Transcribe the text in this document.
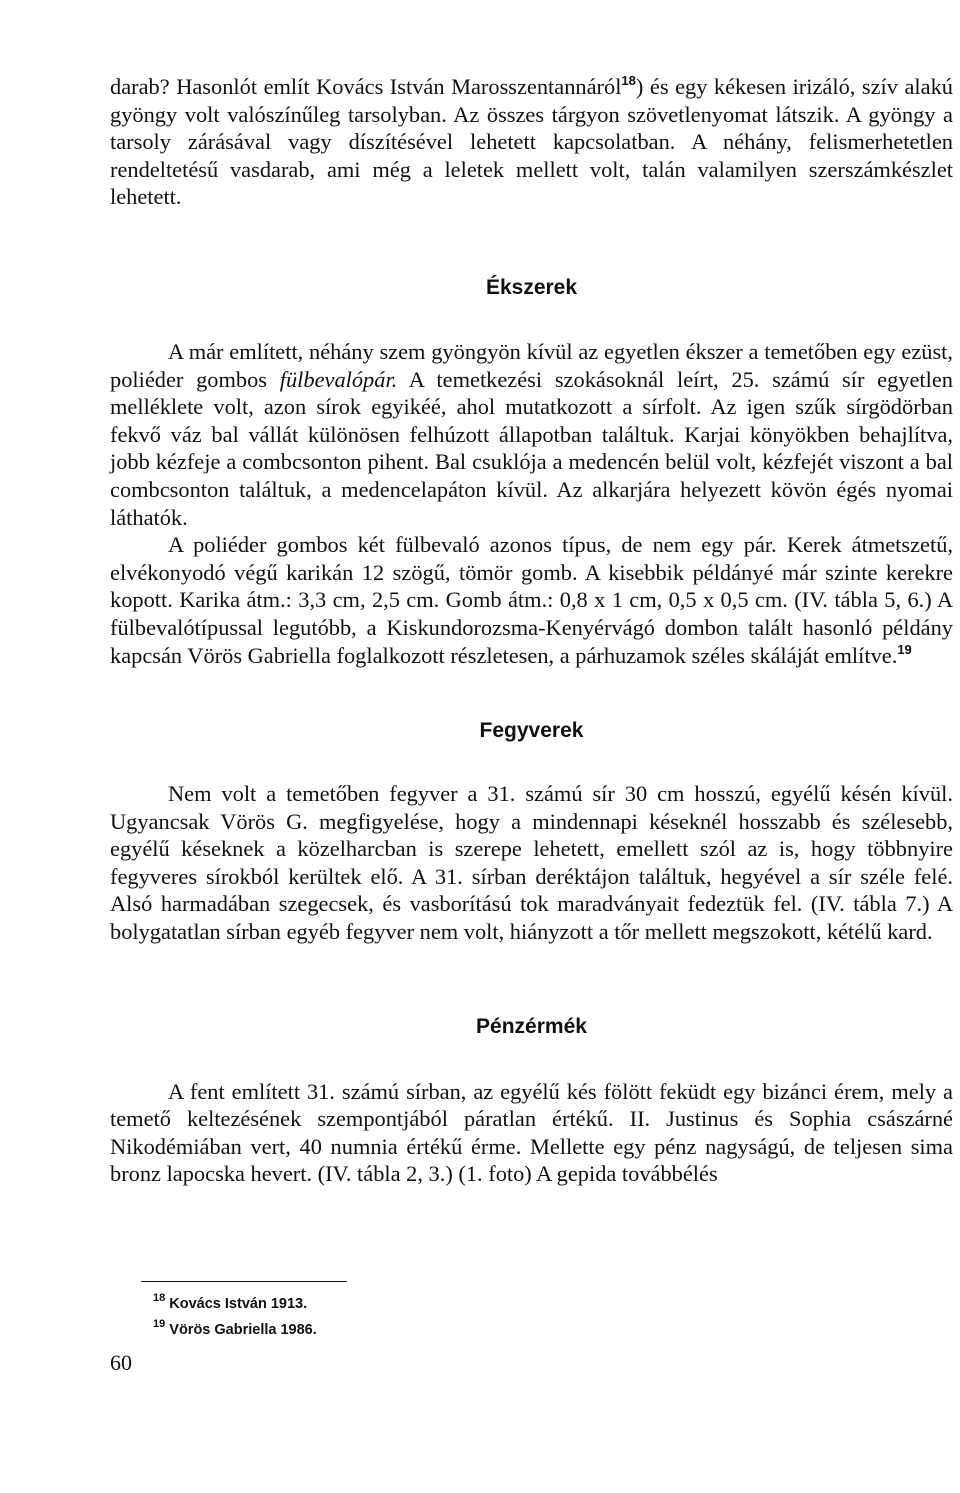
darab? Hasonlót említ Kovács István Marosszentannáról$^{18}$) és egy kékesen irizáló, szív alakú gyöngy volt valószínűleg tarsolyban. Az összes tárgyon szövetlenyomat látszik. A gyöngy a tarsoly zárásával vagy díszítésével lehetett kapcsolatban. A néhány, felismerhetetlen rendeltetésű vasdarab, ami még a leletek mellett volt, talán valamilyen szerszámkészlet lehetett.

Ékszerek

A már említett, néhány szem gyöngyön kívül az egyetlen ékszer a temetőben egy ezüst, poliéder gombos fülbevalópár. A temetkezési szokásoknál leírt, 25. számú sír egyetlen melléklete volt, azon sírok egyikéé, ahol mutatkozott a sírfolt. Az igen szűk sírgödörban fekvő váz bal vállát különösen felhúzott állapotban találtuk. Karjai könyökben behajlítva, jobb kézfeje a combcsonton pihent. Bal csuklója a medencén belül volt, kézfejét viszont a bal combcsonton találtuk, a medencelapáton kívül. Az alkarjára helyezett kövön égés nyomai láthatók.

A poliéder gombos két fülbevaló azonos típus, de nem egy pár. Kerek átmetszetű, elvékonyodó végű karikán 12 szögű, tömör gomb. A kisebbik példányé már szinte kerekre kopott. Karika átm.: 3,3 cm, 2,5 cm. Gomb átm.: 0,8 x 1 cm, 0,5 x 0,5 cm. (IV. tábla 5, 6.) A fülbevalótípussal legutóbb, a Kiskundorozsma-Kenyérvágó dombon talált hasonló példány kapcsán Vörös Gabriella foglalkozott részletesen, a párhuzamok széles skáláját említve.$^{19}$

Fegyverek

Nem volt a temetőben fegyver a 31. számú sír 30 cm hosszú, egyélű késén kívül. Ugyancsak Vörös G. megfigyelése, hogy a mindennapi késeknél hosszabb és szélesebb, egyélű késeknek a közelharcban is szerepe lehetett, emellett szól az is, hogy többnyire fegyveres sírokból kerültek elő. A 31. sírban deréktájon találtuk, hegyével a sír széle felé. Alsó harmadában szegecsek, és vasborítású tok maradványait fedeztük fel. (IV. tábla 7.) A bolygatatlan sírban egyéb fegyver nem volt, hiányzott a tőr mellett megszokott, kétélű kard.

Pénzérmék

A fent említett 31. számú sírban, az egyélű kés fölött feküdt egy bizánci érem, mely a temető keltezésének szempontjából páratlan értékű. II. Justinus és Sophia császárné Nikodémiában vert, 40 numnia értékű érme. Mellette egy pénz nagyságú, de teljesen sima bronz lapocska hevert. (IV. tábla 2, 3.) (1. foto) A gepida továbbélés

$^{18}$ Kovács István 1913.

$^{19}$ Vörös Gabriella 1986.

60
